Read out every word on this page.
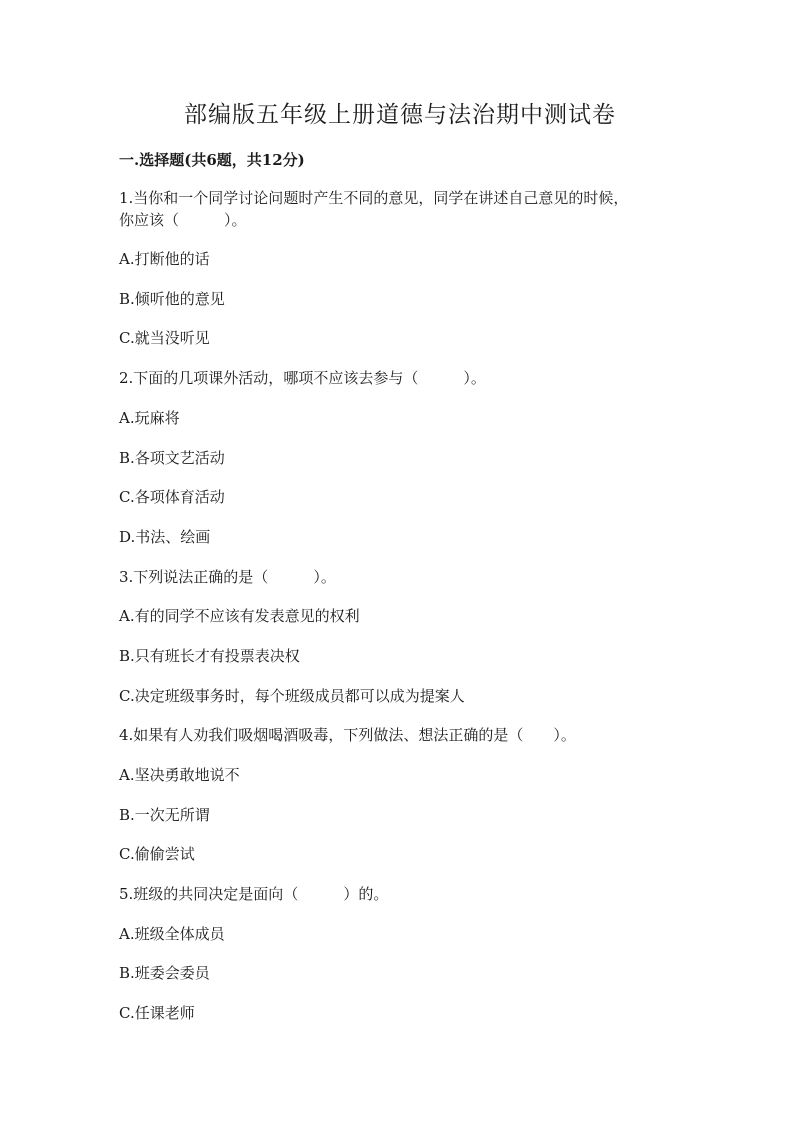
部编版五年级上册道德与法治期中测试卷
一.选择题(共6题，共12分)

1.当你和一个同学讨论问题时产生不同的意见，同学在讲述自己意见的时候，

你应该（　　　）。

A.打断他的话

B.倾听他的意见

C.就当没听见

2.下面的几项课外活动，哪项不应该去参与（　　　）。

A.玩麻将

B.各项文艺活动

C.各项体育活动

D.书法、绘画

3.下列说法正确的是（　　　）。

A.有的同学不应该有发表意见的权利

B.只有班长才有投票表决权

C.决定班级事务时，每个班级成员都可以成为提案人

4.如果有人劝我们吸烟喝酒吸毒，下列做法、想法正确的是（　　）。

A.坚决勇敢地说不

B.一次无所谓

C.偷偷尝试

5.班级的共同决定是面向（　　　）的。

A.班级全体成员

B.班委会委员

C.任课老师
